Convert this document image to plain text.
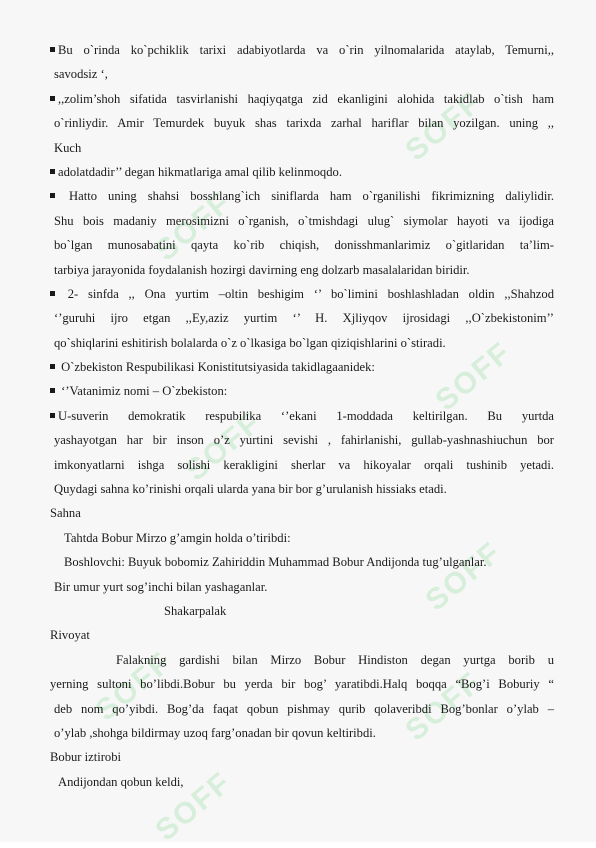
SOFF
SOFF
SOFF
SOFF
SOFF
SOFF	SOFF
SOFF
Bu o`rinda ko`pchiklik tarixi adabiyotlarda va o`rin yilnomalarida ataylab, Temurni,,
savodsiz ‘,
,,zolim’shoh sifatida tasvirlanishi haqiyqatga zid ekanligini alohida takidlab o`tish ham
o`rinliydir. Amir Temurdek buyuk shas tarixda zarhal hariflar bilan yozilgan. uning ,,
Kuch
adolatdadir’’ degan hikmatlariga amal qilib kelinmoqdo.
Hatto uning shahsi bosshlang`ich siniflarda ham o`rganilishi fikrimizning daliylidir.
Shu bois madaniy merosimizni o`rganish, o`tmishdagi ulug` siymolar hayoti va ijodiga
bo`lgan munosabatini qayta ko`rib chiqish, donisshmanlarimiz o`gitlaridan ta’lim-
tarbiya jarayonida foydalanish hozirgi davirning eng dolzarb masalalaridan biridir.
2- sinfda ,, Ona yurtim –oltin beshigim ‘’ bo`limini boshlashladan oldin ,,Shahzod
‘’guruhi ijro etgan ,,Ey,aziz yurtim ‘’ H. Xjliyqov ijrosidagi ,,O`zbekistonim’’
qo`shiqlarini eshitirish bolalarda o`z o`lkasiga bo`lgan qiziqishlarini o`stiradi.
O`zbekiston Respubilikasi Konistitutsiyasida takidlagaanidek:
‘’Vatanimiz nomi – O`zbekiston:
U-suverin demokratik respubilika ‘’ekani 1-moddada keltirilgan. Bu yurtda
yashayotgan har bir inson o’z yurtini sevishi , fahirlanishi, gullab-yashnashiuchun bor
imkonyatlarni ishga solishi kerakligini sherlar va hikoyalar orqali tushinib yetadi.
Quydagi sahna ko’rinishi orqali ularda yana bir bor g’urulanish hissiaks etadi.
Sahna
Tahtda Bobur Mirzo g’amgin holda o’tiribdi:
Boshlovchi: Buyuk bobomiz Zahiriddin Muhammad Bobur Andijonda tug’ulganlar.
Bir umur yurt sog’inchi bilan yashaganlar.
Shakarpalak
Rivoyat
Falakning gardishi bilan Mirzo Bobur Hindiston degan yurtga borib u
yerning sultoni bo’libdi.Bobur bu yerda bir bog’ yaratibdi.Halq boqqa “Bog’i Boburiy “
deb nom qo’yibdi. Bog’da faqat qobun pishmay qurib qolaveribdi Bog’bonlar o’ylab –
o’ylab ,shohga bildirmay uzoq farg’onadan bir qovun keltiribdi.
Bobur iztirobi
Andijondan qobun keldi,
